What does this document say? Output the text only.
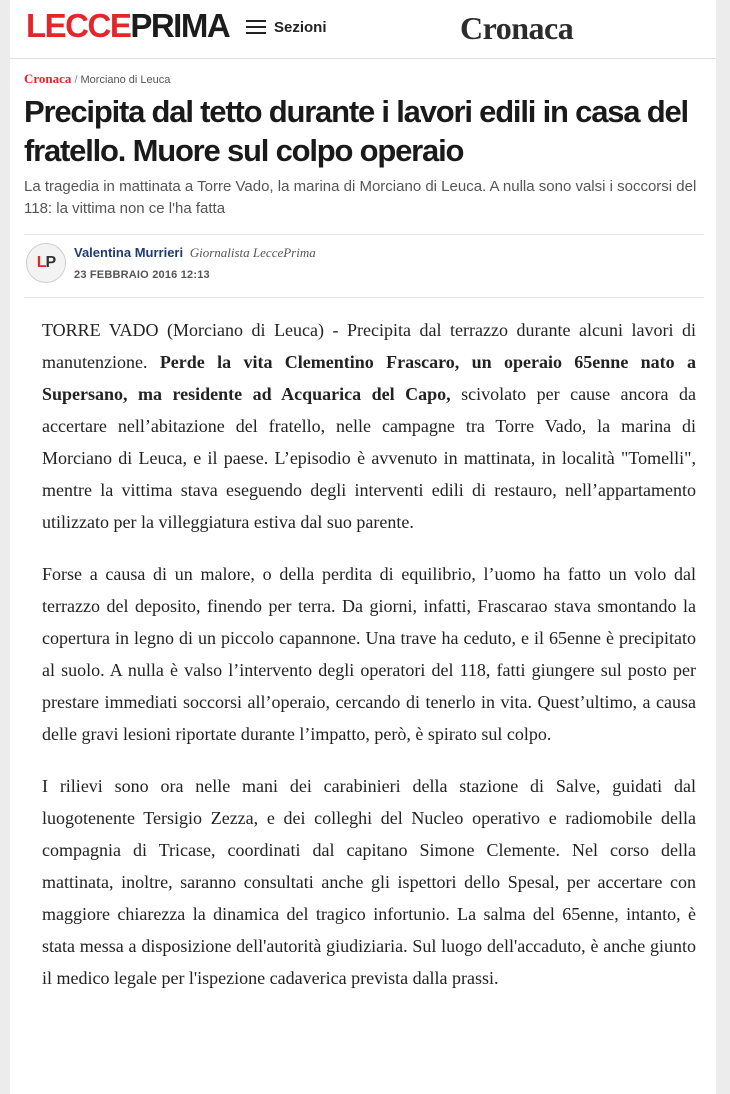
LECCEPRIMA	Sezioni	Cronaca
Cronaca / Morciano di Leuca
Precipita dal tetto durante i lavori edili in casa del fratello. Muore sul colpo operaio
La tragedia in mattinata a Torre Vado, la marina di Morciano di Leuca. A nulla sono valsi i soccorsi del 118: la vittima non ce l'ha fatta
L P
Valentina Murrieri Giornalista LeccePrima
23 FEBBRAIO 2016 12:13

TORRE VADO (Morciano di Leuca) - Precipita dal terrazzo durante alcuni lavori di manutenzione. Perde la vita Clementino Frascaro, un operaio 65enne nato a Supersano, ma residente ad Acquarica del Capo, scivolato per cause ancora da accertare nell’abitazione del fratello, nelle campagne tra Torre Vado, la marina di Morciano di Leuca, e il paese. L’episodio è avvenuto in mattinata, in località "Tomelli", mentre la vittima stava eseguendo degli interventi edili di restauro, nell’appartamento utilizzato per la villeggiatura estiva dal suo parente.

Forse a causa di un malore, o della perdita di equilibrio, l’uomo ha fatto un volo dal terrazzo del deposito, finendo per terra. Da giorni, infatti, Frascarao stava smontando la copertura in legno di un piccolo capannone. Una trave ha ceduto, e il 65enne è precipitato al suolo. A nulla è valso l’intervento degli operatori del 118, fatti giungere sul posto per prestare immediati soccorsi all’operaio, cercando di tenerlo in vita. Quest’ultimo, a causa delle gravi lesioni riportate durante l’impatto, però, è spirato sul colpo.

I rilievi sono ora nelle mani dei carabinieri della stazione di Salve, guidati dal luogotenente Tersigio Zezza, e dei colleghi del Nucleo operativo e radiomobile della compagnia di Tricase, coordinati dal capitano Simone Clemente. Nel corso della mattinata, inoltre, saranno consultati anche gli ispettori dello Spesal, per accertare con maggiore chiarezza la dinamica del tragico infortunio. La salma del 65enne, intanto, è stata messa a disposizione dell'autorità giudiziaria. Sul luogo dell'accaduto, è anche giunto il medico legale per l'ispezione cadaverica prevista dalla prassi.
